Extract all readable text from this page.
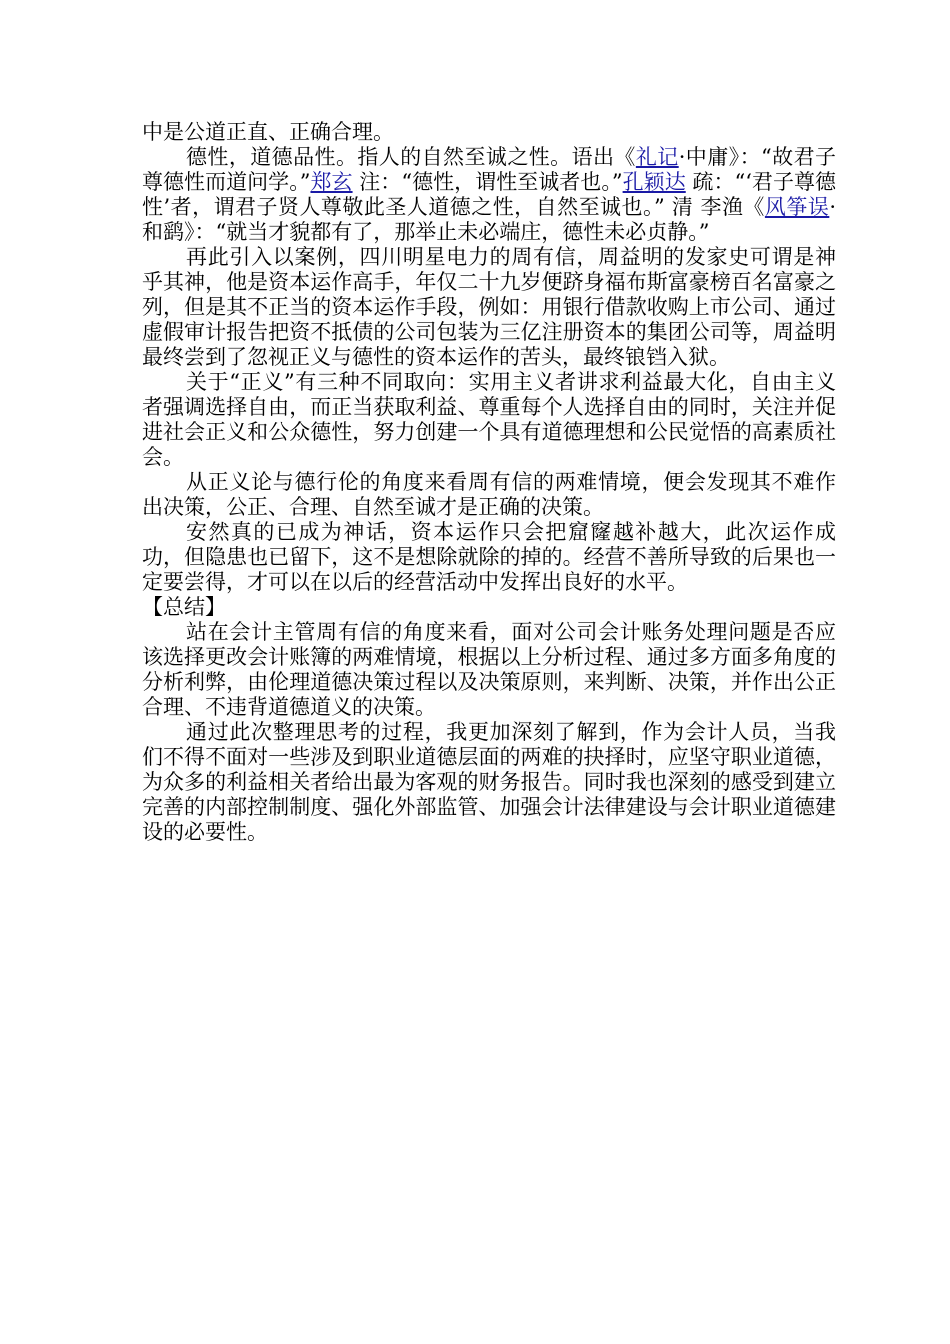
中是公道正直、正确合理。

德性，道德品性。指人的自然至诚之性。语出《礼记·中庸》：“故君子尊德性而道问学。”郑玄 注：“德性，谓性至诚者也。”孔颖达 疏：“‘君子尊德性’者，谓君子贤人尊敬此圣人道德之性，自然至诚也。” 清 李渔《风筝误·和鹞》：“就当才貌都有了，那举止未必端庄，德性未必贞静。”

再此引入以案例，四川明星电力的周有信，周益明的发家史可谓是神乎其神，他是资本运作高手，年仅二十九岁便跻身福布斯富豪榜百名富豪之列，但是其不正当的资本运作手段，例如：用银行借款收购上市公司、通过虚假审计报告把资不抵债的公司包装为三亿注册资本的集团公司等，周益明最终尝到了忽视正义与德性的资本运作的苦头，最终锒铛入狱。

关于“正义”有三种不同取向：实用主义者讲求利益最大化，自由主义者强调选择自由，而正当获取利益、尊重每个人选择自由的同时，关注并促进社会正义和公众德性，努力创建一个具有道德理想和公民觉悟的高素质社会。

从正义论与德行伦的角度来看周有信的两难情境，便会发现其不难作出决策，公正、合理、自然至诚才是正确的决策。

安然真的已成为神话，资本运作只会把窟窿越补越大，此次运作成功，但隐患也已留下，这不是想除就除的掉的。经营不善所导致的后果也一定要尝得，才可以在以后的经营活动中发挥出良好的水平。

【总结】

站在会计主管周有信的角度来看，面对公司会计账务处理问题是否应该选择更改会计账簿的两难情境，根据以上分析过程、通过多方面多角度的分析利弊，由伦理道德决策过程以及决策原则，来判断、决策，并作出公正合理、不违背道德道义的决策。

通过此次整理思考的过程，我更加深刻了解到，作为会计人员，当我们不得不面对一些涉及到职业道德层面的两难的抉择时，应坚守职业道德，为众多的利益相关者给出最为客观的财务报告。同时我也深刻的感受到建立完善的内部控制制度、强化外部监管、加强会计法律建设与会计职业道德建设的必要性。
